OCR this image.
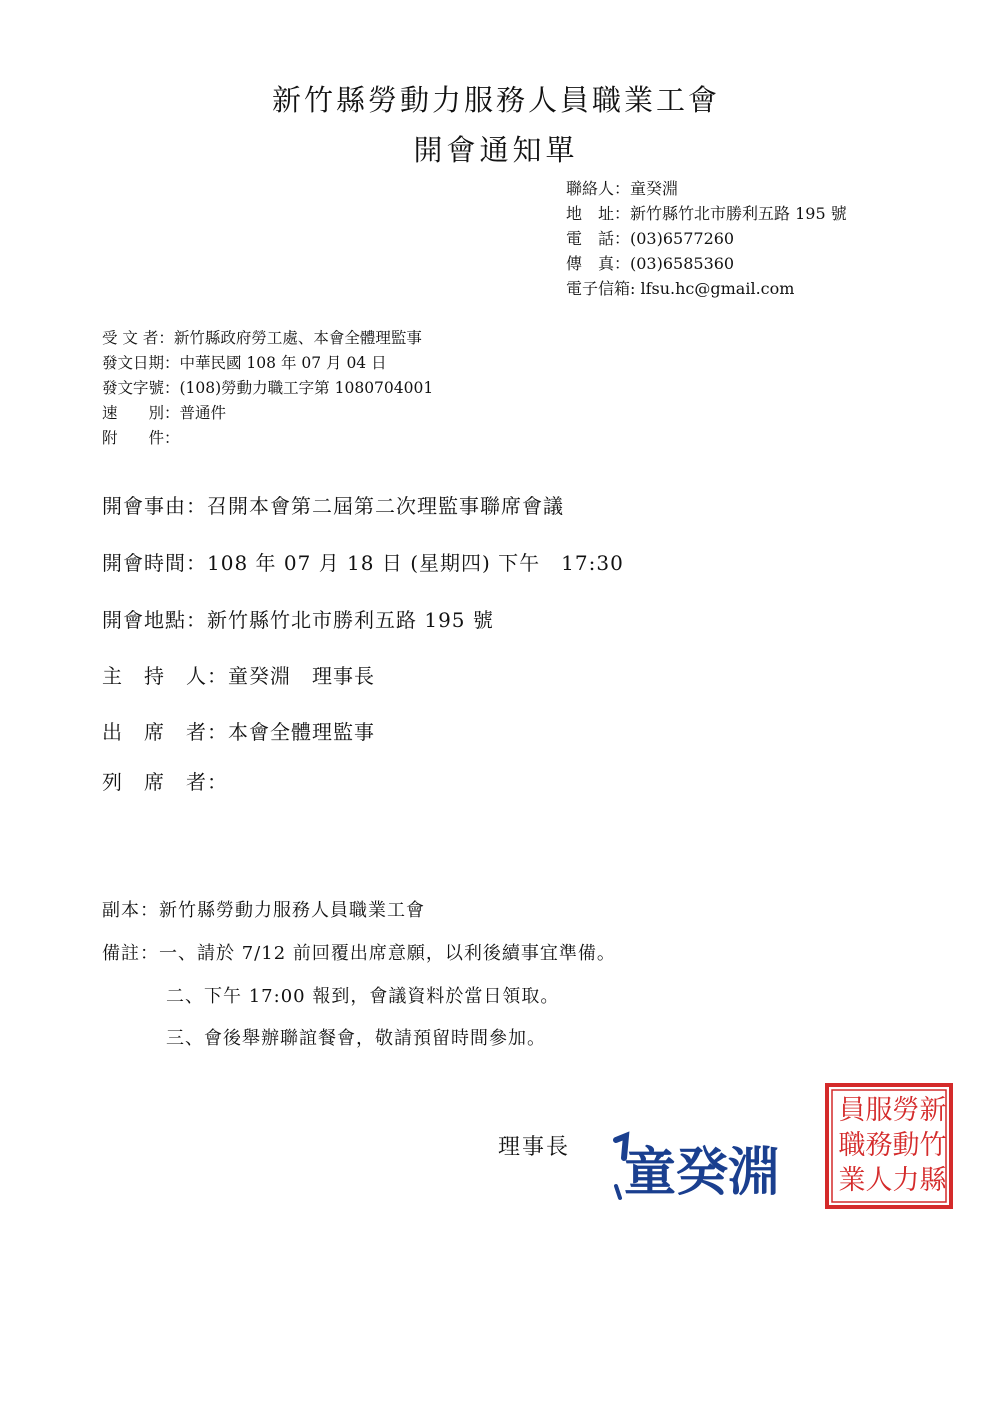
新竹縣勞動力服務人員職業工會
開會通知單
聯絡人：童癸淵
地　址：新竹縣竹北市勝利五路 195 號
電　話：(03)6577260
傳　真：(03)6585360
電子信箱: lfsu.hc@gmail.com
受 文 者：新竹縣政府勞工處、本會全體理監事
發文日期：中華民國 108 年 07 月 04 日
發文字號：(108)勞動力職工字第 1080704001
速　　別：普通件
附　　件：
開會事由：召開本會第二屆第二次理監事聯席會議
開會時間：108 年 07 月 18 日 (星期四) 下午　17:30
開會地點：新竹縣竹北市勝利五路 195 號
主　持　人：童癸淵　理事長
出　席　者：本會全體理監事
列　席　者：
副本：新竹縣勞動力服務人員職業工會
備註：一、請於 7/12 前回覆出席意願，以利後續事宜準備。
二、下午 17:00 報到，會議資料於當日領取。
三、會後舉辦聯誼餐會，敬請預留時間參加。
理事長 童癸淵
新
竹
縣
勞
動
力
服
務
人
員
職
業
